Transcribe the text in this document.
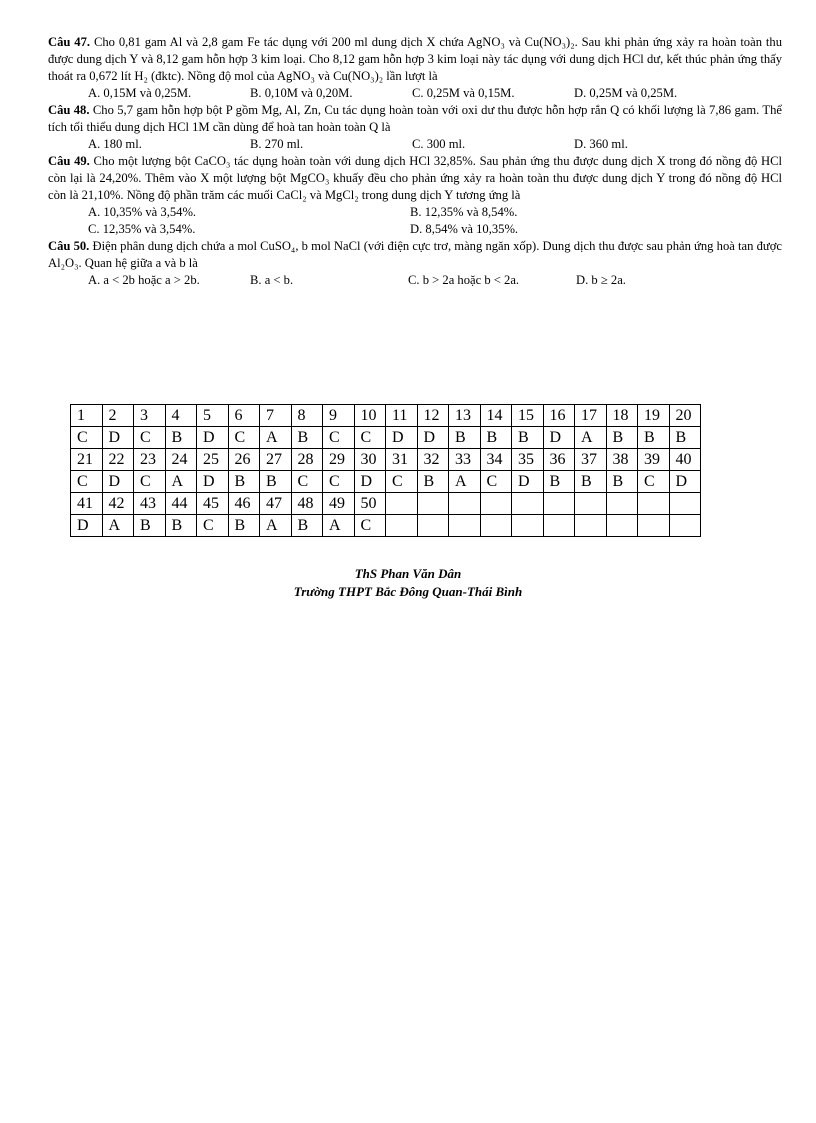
Câu 47. Cho 0,81 gam Al và 2,8 gam Fe tác dụng với 200 ml dung dịch X chứa AgNO₃ và Cu(NO₃)₂. Sau khi phản ứng xảy ra hoàn toàn thu được dung dịch Y và 8,12 gam hỗn hợp 3 kim loại. Cho 8,12 gam hỗn hợp 3 kim loại này tác dụng với dung dịch HCl dư, kết thúc phản ứng thấy thoát ra 0,672 lít H₂ (đktc). Nồng độ mol của AgNO₃ và Cu(NO₃)₂ lần lượt là

A. 0,15M và 0,25M.	B. 0,10M và 0,20M.	C. 0,25M và 0,15M.	D. 0,25M và 0,25M.

Câu 48. Cho 5,7 gam hỗn hợp bột P gồm Mg, Al, Zn, Cu tác dụng hoàn toàn với oxi dư thu được hỗn hợp rắn Q có khối lượng là 7,86 gam. Thể tích tối thiểu dung dịch HCl 1M cần dùng để hoà tan hoàn toàn Q là

A. 180 ml.	B. 270 ml.	C. 300 ml.	D. 360 ml.

Câu 49. Cho một lượng bột CaCO₃ tác dụng hoàn toàn với dung dịch HCl 32,85%. Sau phản ứng thu được dung dịch X trong đó nồng độ HCl còn lại là 24,20%. Thêm vào X một lượng bột MgCO₃ khuấy đều cho phản ứng xảy ra hoàn toàn thu được dung dịch Y trong đó nồng độ HCl còn là 21,10%. Nồng độ phần trăm các muối CaCl₂ và MgCl₂ trong dung dịch Y tương ứng là

A. 10,35% và 3,54%.	B. 12,35% và 8,54%.
C. 12,35% và 3,54%.	D. 8,54% và 10,35%.

Câu 50. Điện phân dung dịch chứa a mol CuSO₄, b mol NaCl (với điện cực trơ, màng ngăn xốp). Dung dịch thu được sau phản ứng hoà tan được Al₂O₃. Quan hệ giữa a và b là

A. a < 2b hoặc a > 2b.	B. a < b.	C. b > 2a hoặc b < 2a.	D. b ≥ 2a.
1	2	3	4	5	6	7	8	9	10	11	12	13	14	15	16	17	18	19	20
C	D	C	B	D	C	A	B	C	C	D	D	B	B	B	D	A	B	B	B
21	22	23	24	25	26	27	28	29	30	31	32	33	34	35	36	37	38	39	40
C	D	C	A	D	B	B	C	C	D	C	B	A	C	D	B	B	B	C	D
41	42	43	44	45	46	47	48	49	50										
D	A	B	B	C	B	A	B	A	C										
ThS Phan Văn Dân
Trường THPT Bắc Đông Quan-Thái Bình
